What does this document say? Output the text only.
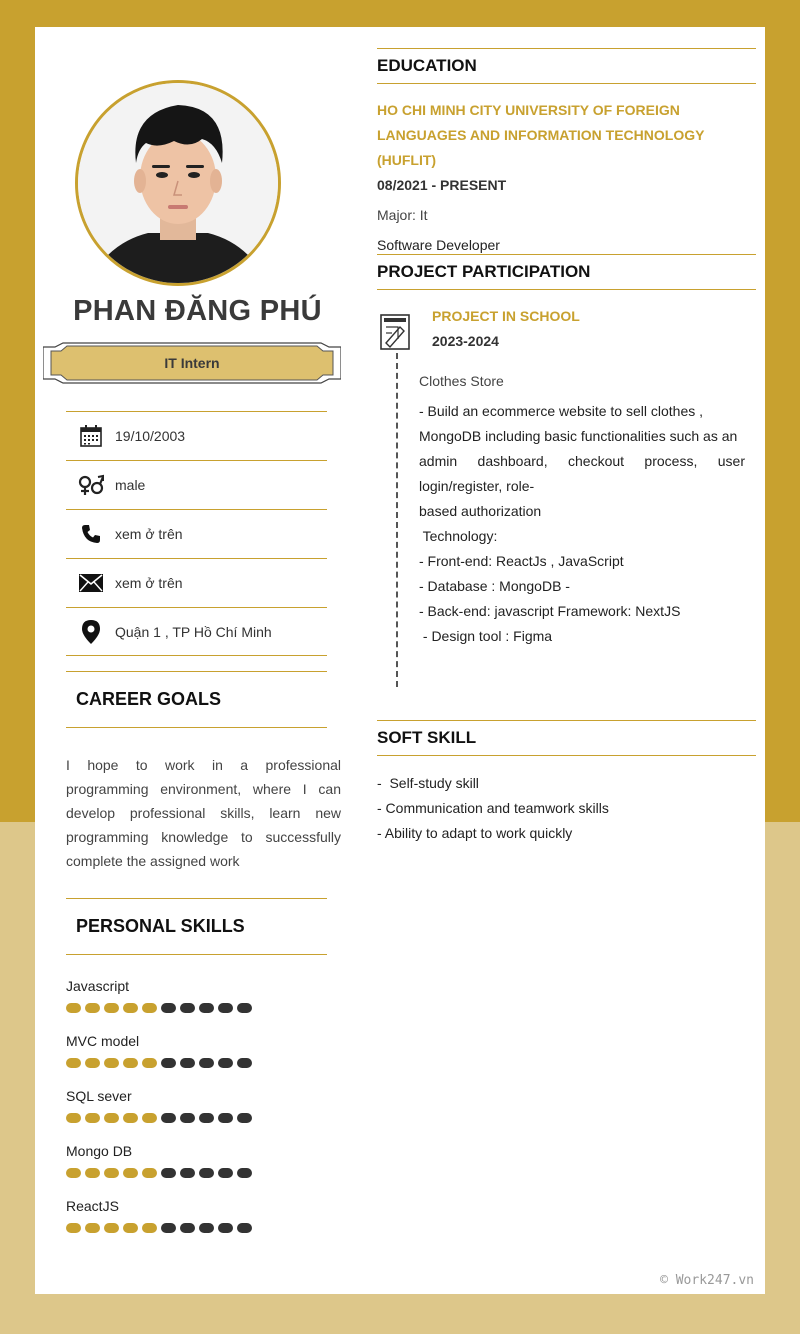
PHAN ĐĂNG PHÚ
IT Intern
19/10/2003
male
xem ở trên
xem ở trên
Quận 1 , TP Hồ Chí Minh
CAREER GOALS
I hope to work in a professional programming environment, where I can develop professional skills, learn new programming knowledge to successfully complete the assigned work
PERSONAL SKILLS
Javascript
MVC model
SQL sever
Mongo DB
ReactJS
EDUCATION
HO CHI MINH CITY UNIVERSITY OF FOREIGN
LANGUAGES AND INFORMATION TECHNOLOGY (HUFLIT)
08/2021 - PRESENT
Major: It
Software Developer
PROJECT PARTICIPATION
PROJECT IN SCHOOL
2023-2024
Clothes Store
- Build an ecommerce website to sell clothes ,
MongoDB including basic functionalities such as an
admin dashboard, checkout process, user
login/register, role-
based authorization
Technology:
- Front-end: ReactJs , JavaScript
- Database : MongoDB -
- Back-end: javascript Framework: NextJS
- Design tool : Figma
SOFT SKILL
-  Self-study skill
- Communication and teamwork skills
- Ability to adapt to work quickly
© Work247.vn
